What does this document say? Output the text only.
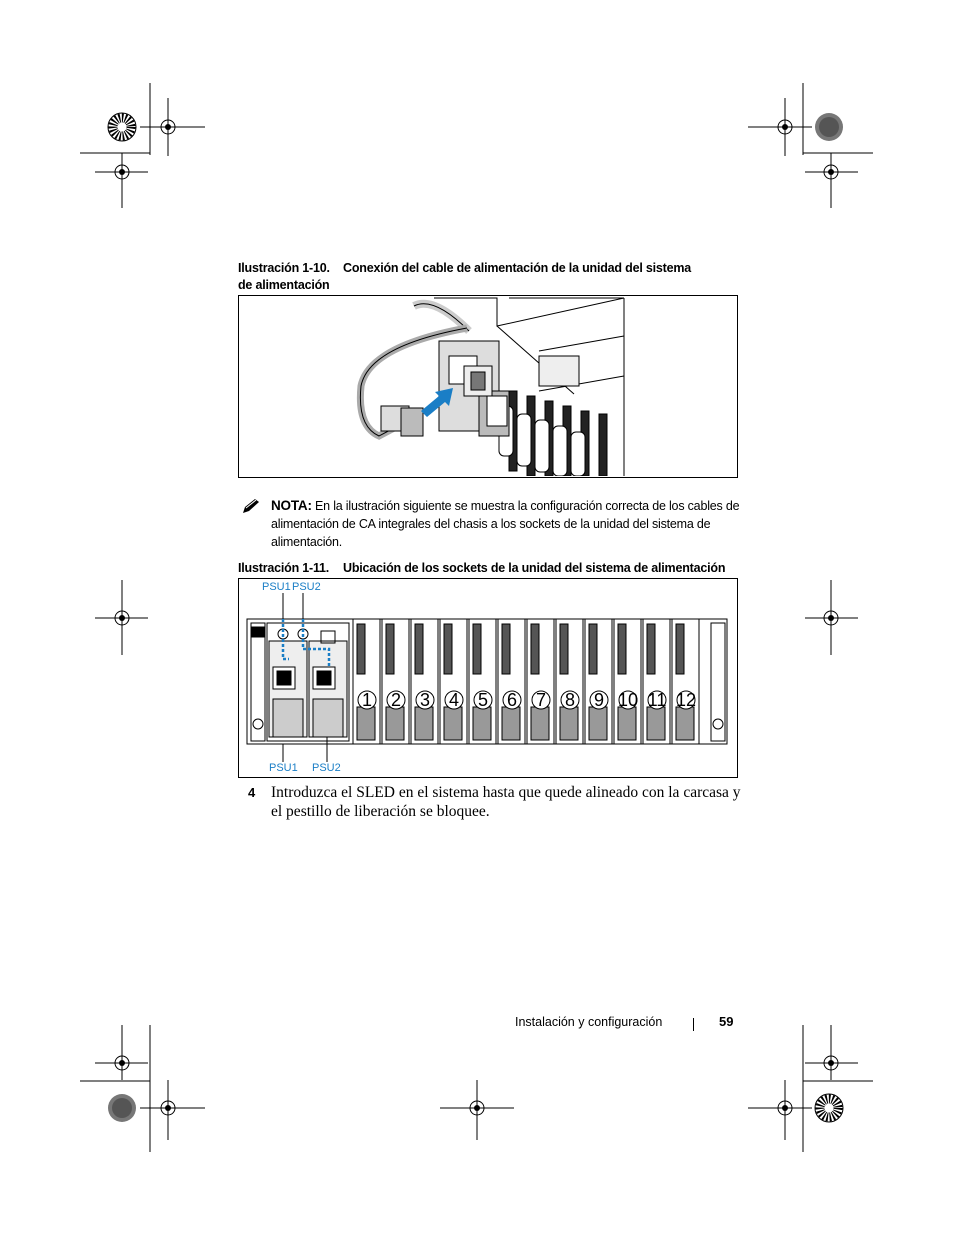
Ilustración 1-10. Conexión del cable de alimentación de la unidad del sistema
de alimentación
NOTA: En la ilustración siguiente se muestra la configuración correcta de los cables de alimentación de CA integrales del chasis a los sockets de la unidad del sistema de alimentación.
Ilustración 1-11. Ubicación de los sockets de la unidad del sistema de alimentación
PSU1 PSU2
PSU1 PSU2
1 2 3 4 5 6 7 8 9 10 11 12
4 Introduzca el SLED en el sistema hasta que quede alineado con la carcasa y el pestillo de liberación se bloquee.
Instalación y configuración	59
